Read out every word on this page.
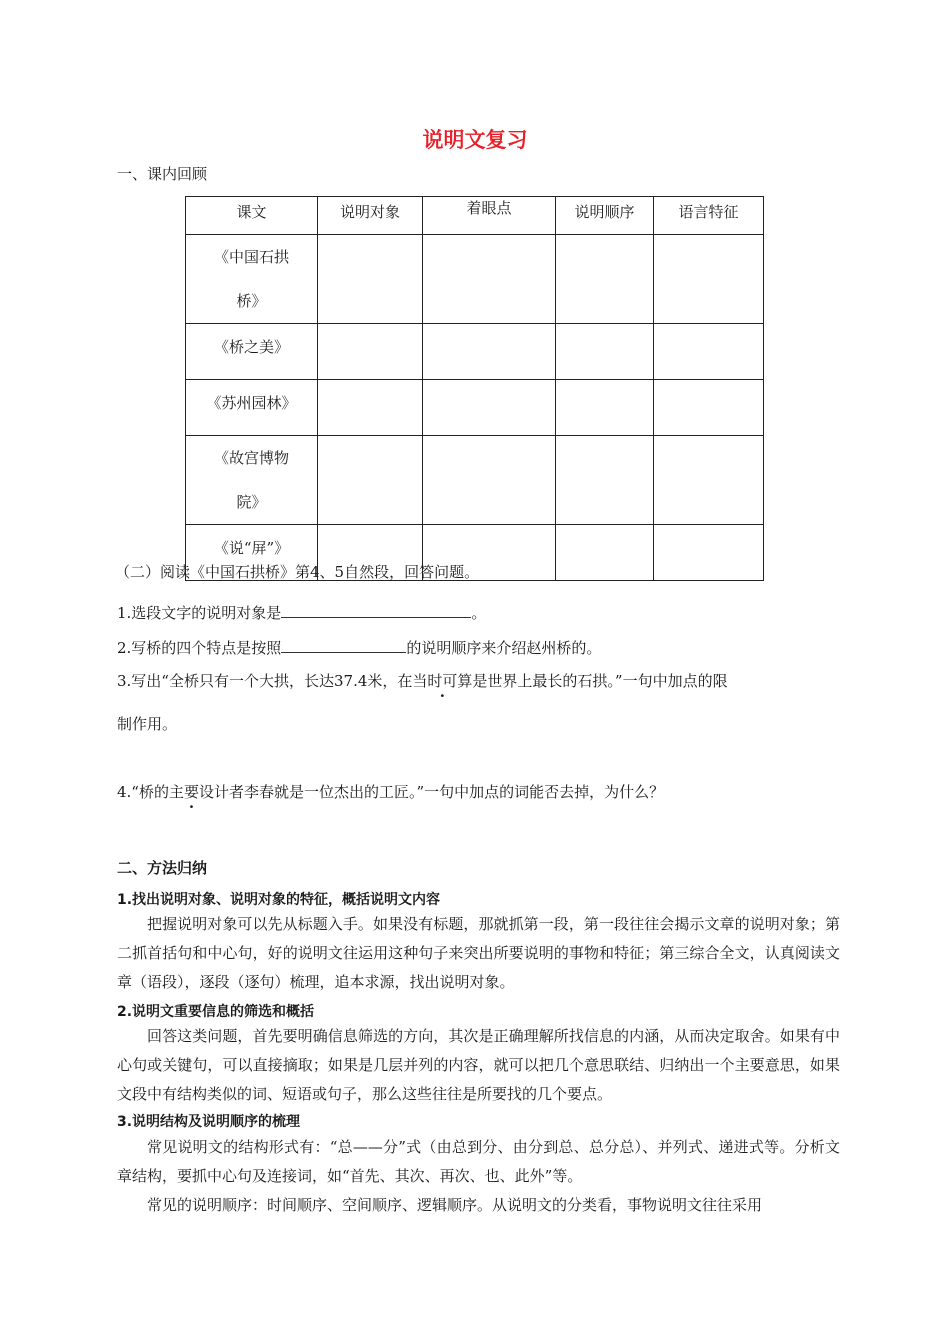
说明文复习
一、课内回顾
课文	说明对象	着眼点	说明顺序	语言特征

《中国石拱
桥》				

《桥之美》				

《苏州园林》				

《故宫博物
院》				

《说“屏”》				

（二）阅读《中国石拱桥》第4、5自然段，回答问题。
1.选段文字的说明对象是	。
2.写桥的四个特点是按照	的说明顺序来介绍赵州桥的。
3.写出“全桥只有一个大拱，长达37.4米，在当时可算是世界上最长的石拱。”一句中加点的限
制作用。
4.“桥的主要设计者李春就是一位杰出的工匠。”一句中加点的词能否去掉，为什么？
二、方法归纳
1.找出说明对象、说明对象的特征，概括说明文内容
把握说明对象可以先从标题入手。如果没有标题，那就抓第一段，第一段往往会揭示文章的说明对象；第二抓首括句和中心句，好的说明文往运用这种句子来突出所要说明的事物和特征；第三综合全文，认真阅读文章（语段），逐段（逐句）梳理，追本求源，找出说明对象。
2.说明文重要信息的筛选和概括
回答这类问题，首先要明确信息筛选的方向，其次是正确理解所找信息的内涵，从而决定取舍。如果有中心句或关键句，可以直接摘取；如果是几层并列的内容，就可以把几个意思联结、归纳出一个主要意思，如果文段中有结构类似的词、短语或句子，那么这些往往是所要找的几个要点。
3.说明结构及说明顺序的梳理
常见说明文的结构形式有：“总——分”式（由总到分、由分到总、总分总）、并列式、递进式等。分析文章结构，要抓中心句及连接词，如“首先、其次、再次、也、此外”等。
常见的说明顺序：时间顺序、空间顺序、逻辑顺序。从说明文的分类看，事物说明文往往采用
